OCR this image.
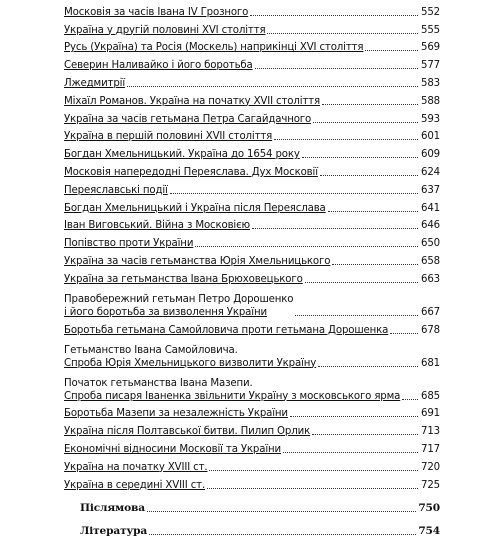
Московія за часів Івана IV Грозного	552
Україна у другій половині XVI століття	555
Русь (Україна) та Росія (Москель) наприкінці XVI століття	569
Северин Наливайко і його боротьба	577
Лжедмитрії	583
Міхаїл Романов. Україна на початку XVII століття	588
Україна за часів гетьмана Петра Сагайдачного	593
Україна в першій половині XVII століття	601
Богдан Хмельницький. Україна до 1654 року	609
Московія напередодні Переяслава. Дух Московії	624
Переяславські події	637
Богдан Хмельницький і Україна після Переяслава	641
Іван Виговський. Війна з Московією	646
Попівство проти України	650
Україна за часів гетьманства Юрія Хмельницького	658
Україна за гетьманства Івана Брюховецького	663
Правобережний гетьман Петро Дорошенко
і його боротьба за визволення України	667
Боротьба гетьмана Самойловича проти гетьмана Дорошенка	678
Гетьманство Івана Самойловича.
Спроба Юрія Хмельницького визволити Україну	681
Початок гетьманства Івана Мазепи.
Спроба писаря Іваненка звільнити Україну з московського ярма 685
Боротьба Мазепи за незалежність України	691
Україна після Полтавської битви. Пилип Орлик	713
Економічні відносини Московії та України	717
Україна на початку XVIII ст.	720
Україна в середині XVIII ст.	725
Післямова	750
Література	754
